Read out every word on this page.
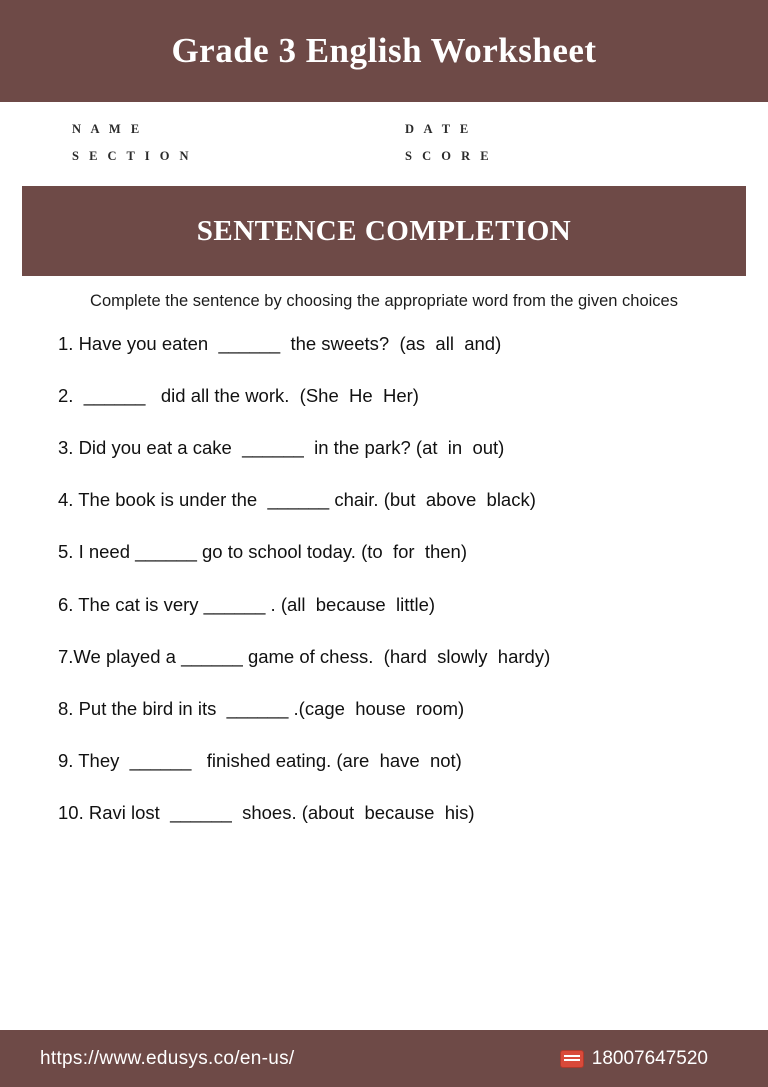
Grade 3 English Worksheet
N A M E	D A T E
S E C T I O N	S C O R E
SENTENCE COMPLETION
Complete the sentence by choosing the appropriate word from the given choices
1. Have you eaten  ______  the sweets?  (as  all  and)
2.  ______   did all the work.  (She  He  Her)
3. Did you eat a cake  ______  in the park? (at  in  out)
4. The book is under the  ______ chair. (but  above  black)
5. I need ______ go to school today. (to  for  then)
6. The cat is very ______ . (all  because  little)
7.We played a ______ game of chess.  (hard  slowly  hardy)
8. Put the bird in its  ______ .(cage  house  room)
9. They  ______   finished eating. (are  have  not)
10. Ravi lost  ______  shoes. (about  because  his)
https://www.edusys.co/en-us/	18007647520
